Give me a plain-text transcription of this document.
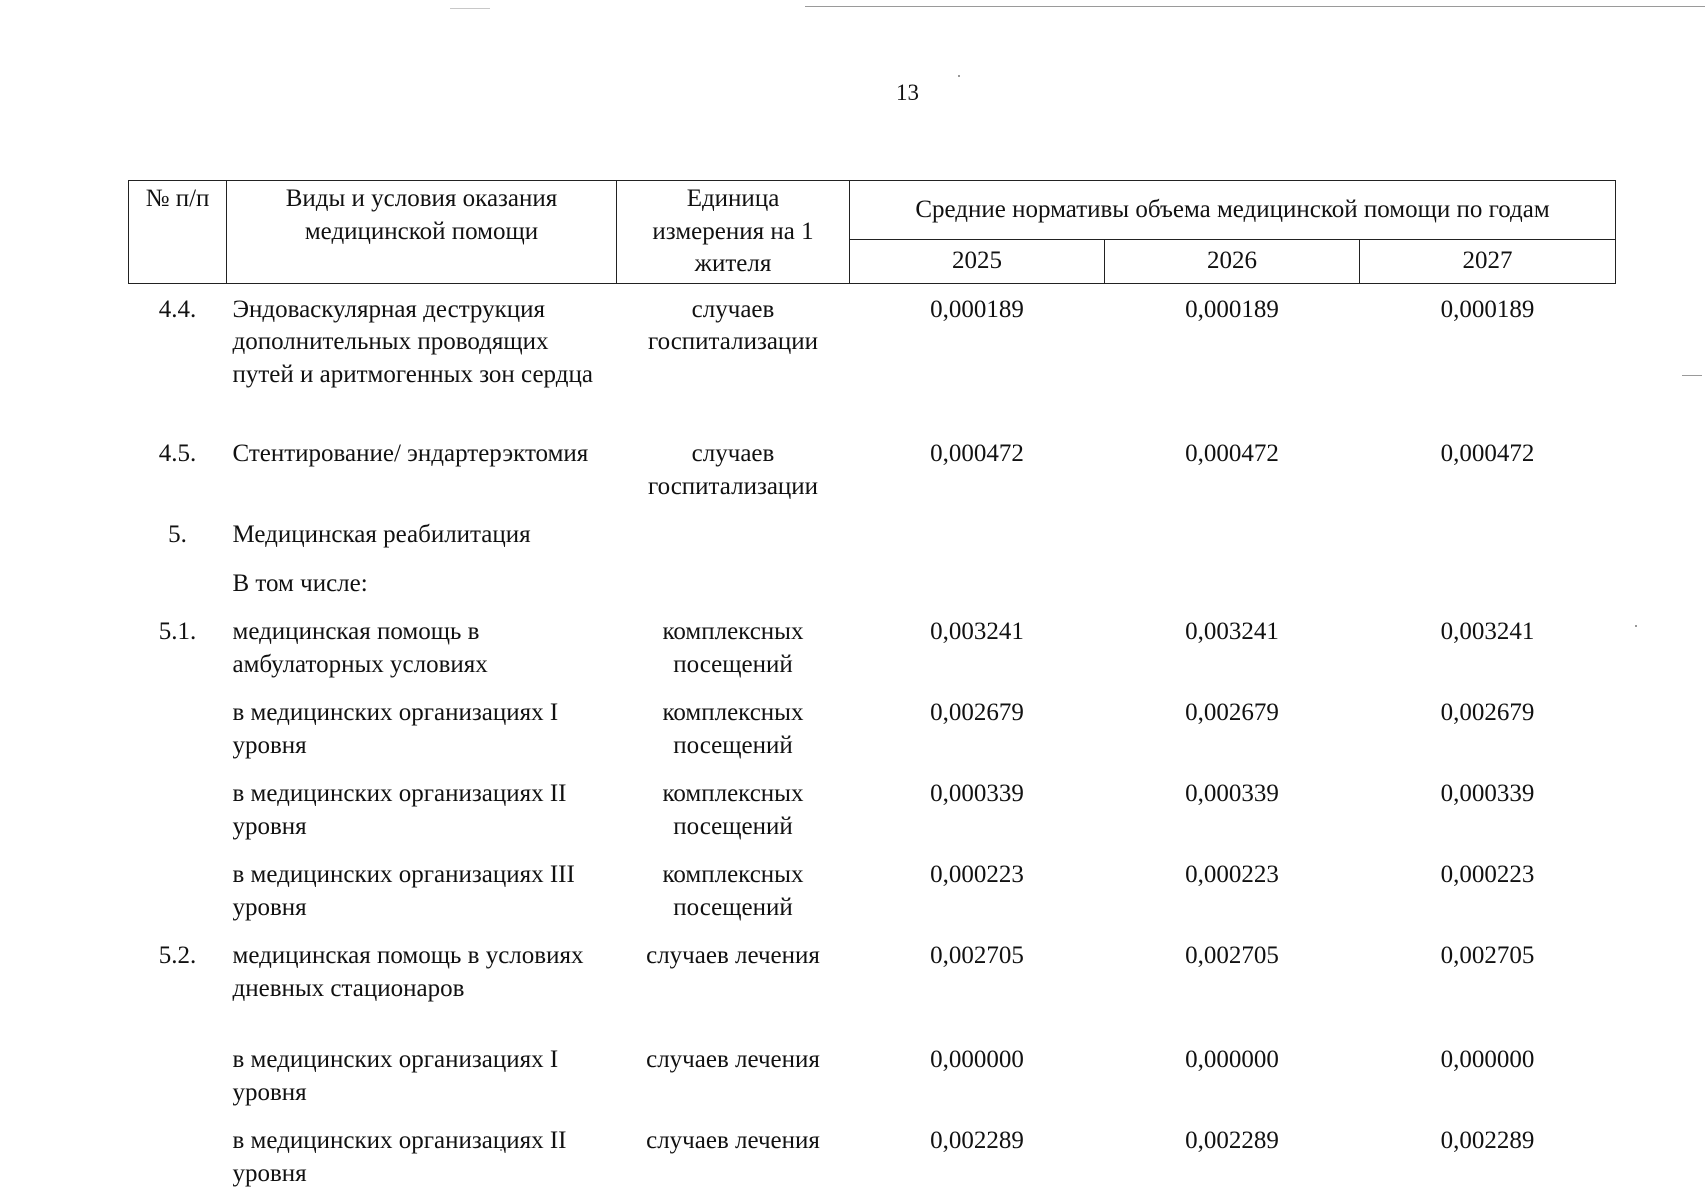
13
№ п/п	Виды и условия оказания медицинской помощи	Единица измерения на 1 жителя	Средние нормативы объема медицинской помощи по годам		
			2025	2026	2027
4.4.	Эндоваскулярная деструкция дополнительных проводящих путей и аритмогенных зон сердца	случаев госпитализации	0,000189	0,000189	0,000189
4.5.	Стентирование/ эндартерэктомия	случаев госпитализации	0,000472	0,000472	0,000472
5.	Медицинская реабилитация				
	В том числе:				
5.1.	медицинская помощь в амбулаторных условиях	комплексных посещений	0,003241	0,003241	0,003241
	в медицинских организациях I уровня	комплексных посещений	0,002679	0,002679	0,002679
	в медицинских организациях II уровня	комплексных посещений	0,000339	0,000339	0,000339
	в медицинских организациях III уровня	комплексных посещений	0,000223	0,000223	0,000223
5.2.	медицинская помощь в условиях дневных стационаров	случаев лечения	0,002705	0,002705	0,002705
	в медицинских организациях I уровня	случаев лечения	0,000000	0,000000	0,000000
	в медицинских организациях II уровня	случаев лечения	0,002289	0,002289	0,002289
